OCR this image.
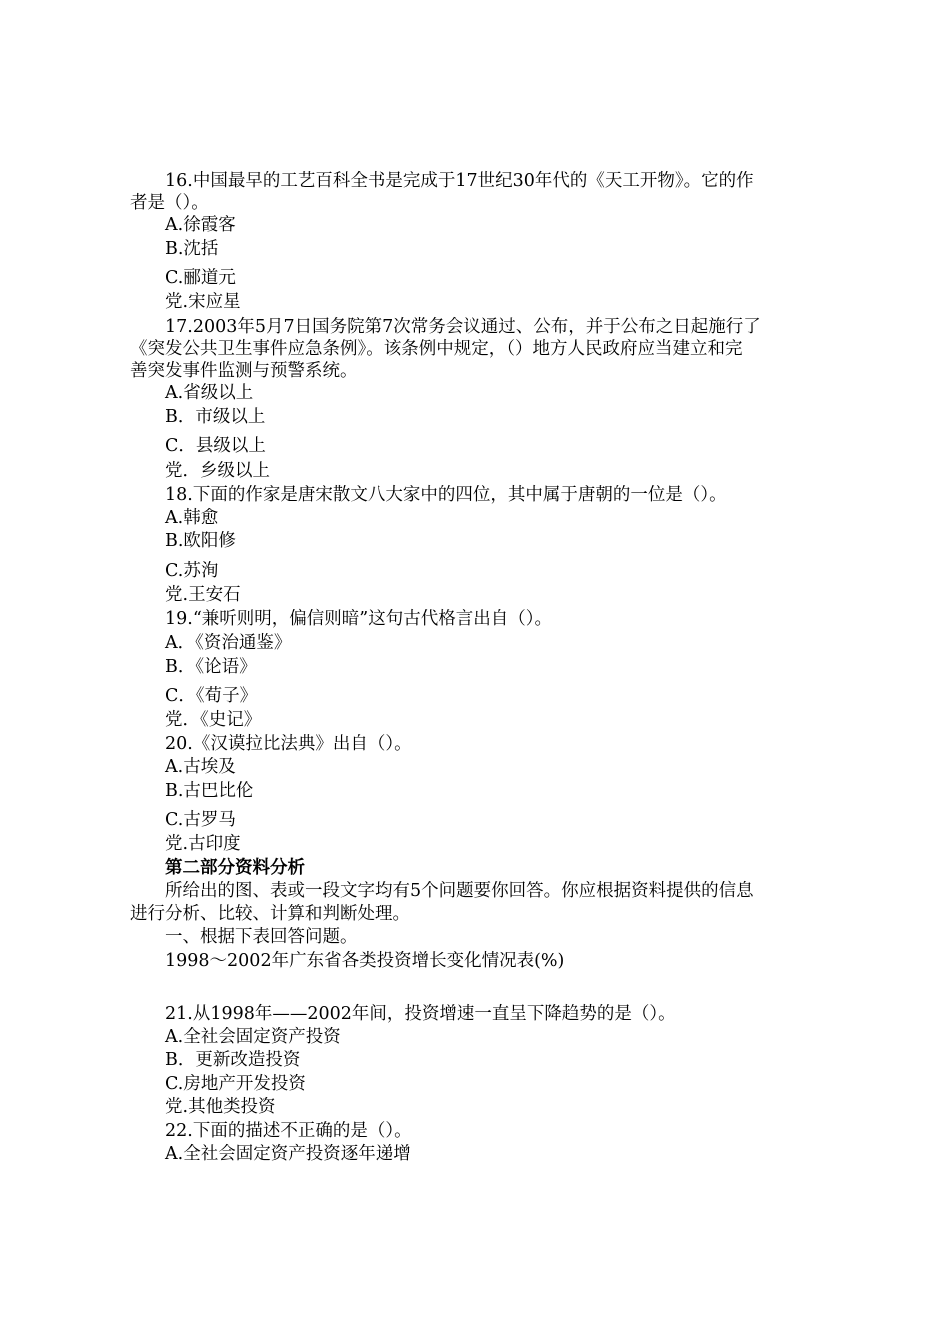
16.中国最早的工艺百科全书是完成于17世纪30年代的《天工开物》。它的作
者是（）。
A.徐霞客
B.沈括
C.郦道元
党.宋应星
17.2003年5月7日国务院第7次常务会议通过、公布，并于公布之日起施行了
《突发公共卫生事件应急条例》。该条例中规定，（）地方人民政府应当建立和完
善突发事件监测与预警系统。
A.省级以上
B．市级以上
C．县级以上
党．乡级以上
18.下面的作家是唐宋散文八大家中的四位，其中属于唐朝的一位是（）。
A.韩愈
B.欧阳修
C.苏洵
党.王安石
19.“兼听则明，偏信则暗”这句古代格言出自（）。
A．《资治通鉴》
B．《论语》
C．《荀子》
党．《史记》
20.《汉谟拉比法典》出自（）。
A.古埃及
B.古巴比伦
C.古罗马
党.古印度
第二部分资料分析
所给出的图、表或一段文字均有5个问题要你回答。你应根据资料提供的信息
进行分析、比较、计算和判断处理。
一、根据下表回答问题。
1998～2002年广东省各类投资增长变化情况表(%)
21.从1998年——2002年间，投资增速一直呈下降趋势的是（）。
A.全社会固定资产投资
B．更新改造投资
C.房地产开发投资
党.其他类投资
22.下面的描述不正确的是（）。
A.全社会固定资产投资逐年递增
